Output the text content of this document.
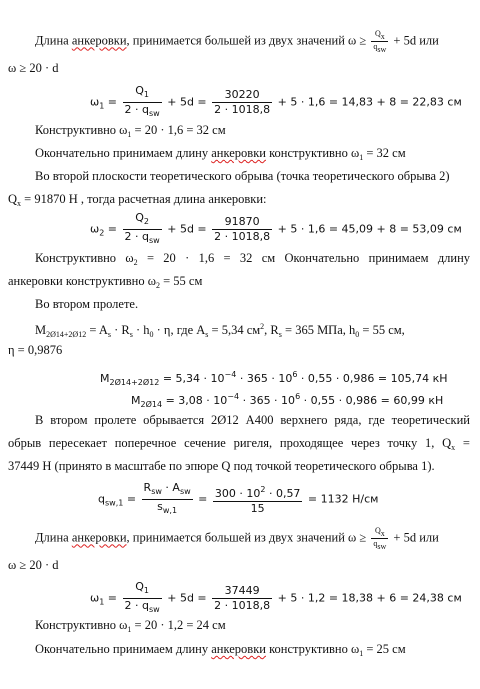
Длина анкеровки, принимается большей из двух значений $\omega \ge \frac{Q_x}{q_{sw}} + 5d$ или
ω ≥ 20 · d
$\omega_1 = \frac{Q_1}{2 \cdot q_{sw}} + 5d = \frac{30220}{2 \cdot 1018,8} + 5 \cdot 1,6 = 14,83 + 8 = 22,83$ см
Конструктивно $\omega_1 = 20 \cdot 1,6 = 32$ см
Окончательно принимаем длину анкеровки конструктивно $\omega_1 = 32$ см
Во второй плоскости теоретического обрыва (точка теоретического обрыва 2)
$Q_x = 91870$ Н , тогда расчетная длина анкеровки:
$\omega_2 = \frac{Q_2}{2 \cdot q_{sw}} + 5d = \frac{91870}{2 \cdot 1018,8} + 5 \cdot 1,6 = 45,09 + 8 = 53,09$ см
Конструктивно $\omega_2 = 20 \cdot 1,6 = 32$ см Окончательно принимаем длину
анкеровки конструктивно $\omega_2 = 55$ см
Во втором пролете.
$M_{2Ø14+2Ø12} = A_s \cdot R_s \cdot h_0 \cdot \eta$, где $A_s = 5,34$ $см^2$, $R_s = 365$ МПа, $h_0 = 55$ см,
η = 0,9876
$M_{2Ø14+2Ø12} = 5,34 \cdot 10^{-4} \cdot 365 \cdot 10^6 \cdot 0,55 \cdot 0,986 = 105,74$ кН
$M_{2Ø14} = 3,08 \cdot 10^{-4} \cdot 365 \cdot 10^6 \cdot 0,55 \cdot 0,986 = 60,99$ кН
В втором пролете обрывается 2Ø12 А400 верхнего ряда, где теоретический
обрыв пересекает поперечное сечение ригеля, проходящее через точку 1, $Q_x$ =
37449 Н (принято в масштабе по эпюре Q под точкой теоретического обрыва 1).
$q_{sw,1} = \frac{R_{sw} \cdot A_{sw}}{s_{w,1}} = \frac{300 \cdot 10^2 \cdot 0,57}{15} = 1132$ Н/см
Длина анкеровки, принимается большей из двух значений $\omega \ge \frac{Q_x}{q_{sw}} + 5d$ или
ω ≥ 20 · d
$\omega_1 = \frac{Q_1}{2 \cdot q_{sw}} + 5d = \frac{37449}{2 \cdot 1018,8} + 5 \cdot 1,2 = 18,38 + 6 = 24,38$ см
Конструктивно $\omega_1 = 20 \cdot 1,2 = 24$ см
Окончательно принимаем длину анкеровки конструктивно $\omega_1 = 25$ см
